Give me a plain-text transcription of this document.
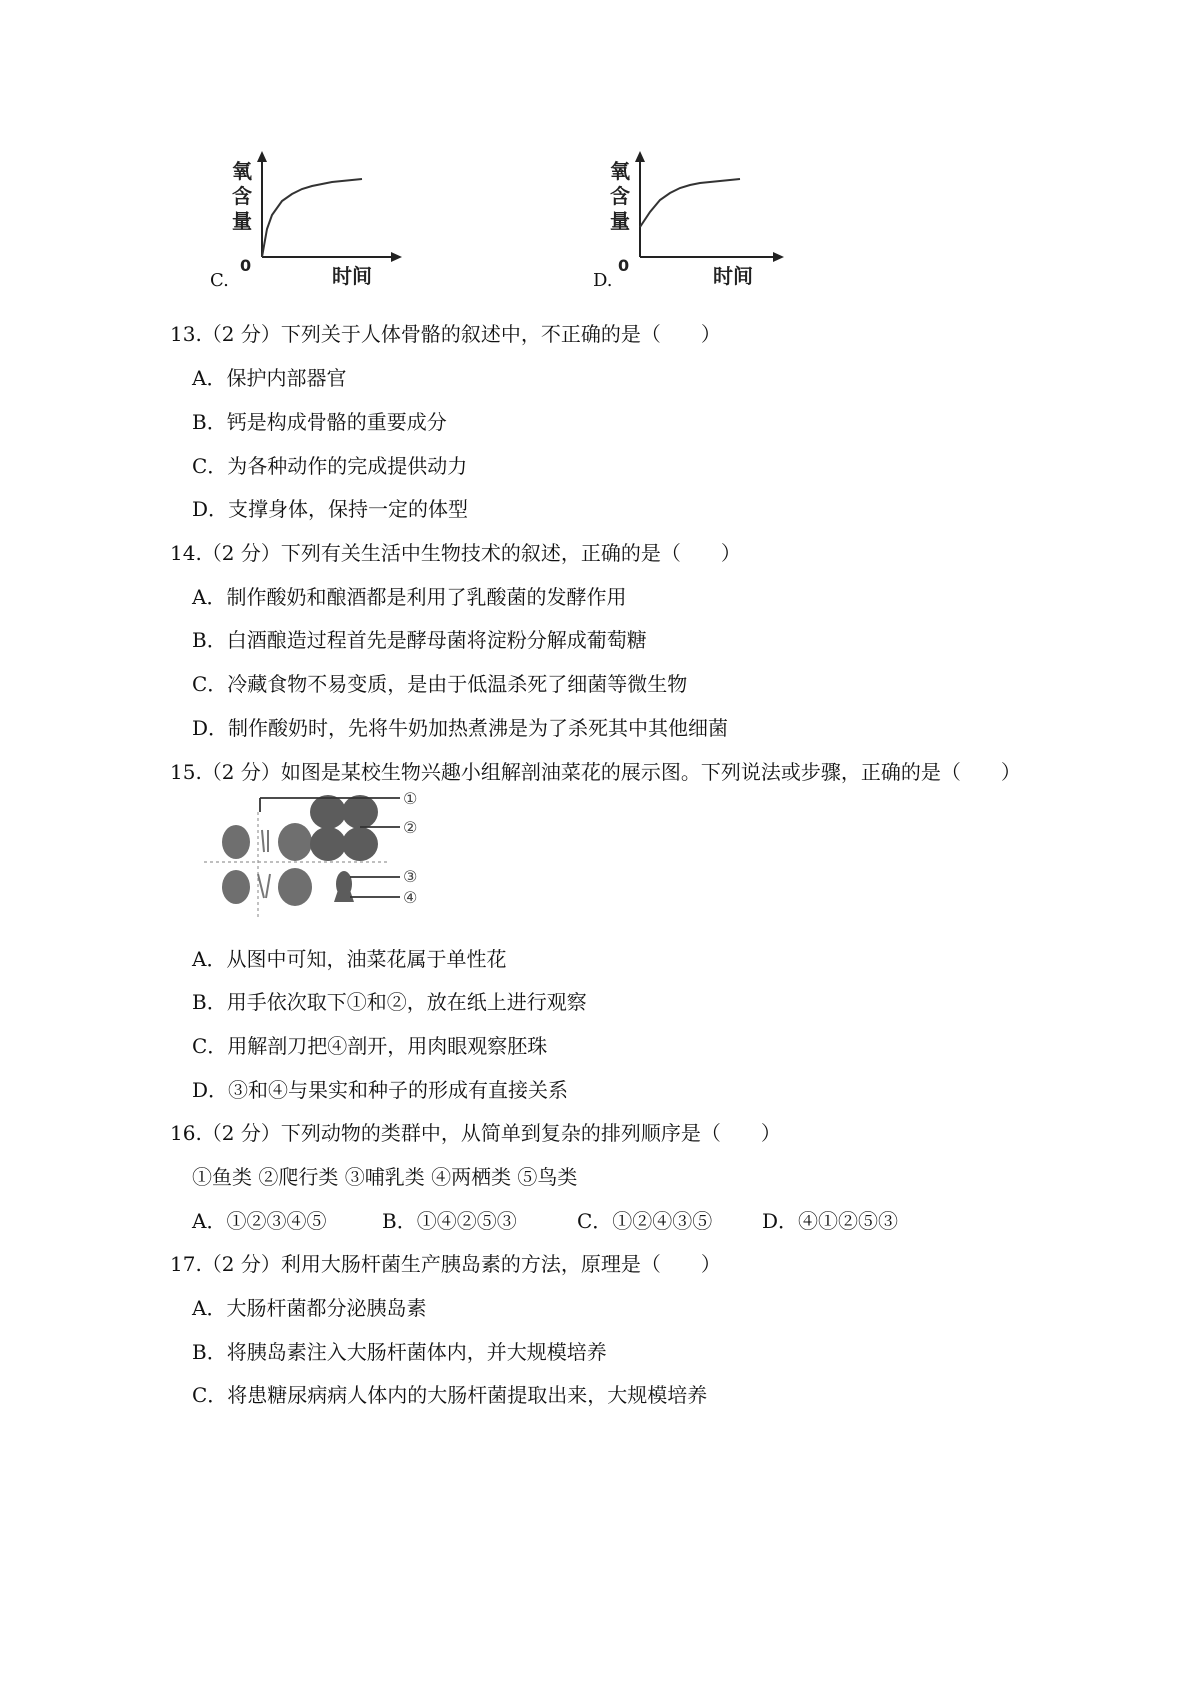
C.
氧
含
量
0	时间	D.
氧
含
量
0	时间
13.（2 分）下列关于人体骨骼的叙述中，不正确的是（　　）
A．保护内部器官
B．钙是构成骨骼的重要成分
C．为各种动作的完成提供动力
D．支撑身体，保持一定的体型
14.（2 分）下列有关生活中生物技术的叙述，正确的是（　　）
A．制作酸奶和酿酒都是利用了乳酸菌的发酵作用
B．白酒酿造过程首先是酵母菌将淀粉分解成葡萄糖
C．冷藏食物不易变质，是由于低温杀死了细菌等微生物
D．制作酸奶时，先将牛奶加热煮沸是为了杀死其中其他细菌
15.（2 分）如图是某校生物兴趣小组解剖油菜花的展示图。下列说法或步骤，正确的是（　　）
①
②
③
④
A．从图中可知，油菜花属于单性花
B．用手依次取下①和②，放在纸上进行观察
C．用解剖刀把④剖开，用肉眼观察胚珠
D．③和④与果实和种子的形成有直接关系
16.（2 分）下列动物的类群中，从简单到复杂的排列顺序是（　　）
①鱼类 ②爬行类 ③哺乳类 ④两栖类 ⑤鸟类
A．①②③④⑤	B．①④②⑤③	C．①②④③⑤ D．④①②⑤③
17.（2 分）利用大肠杆菌生产胰岛素的方法，原理是（　　）
A．大肠杆菌都分泌胰岛素
B．将胰岛素注入大肠杆菌体内，并大规模培养
C．将患糖尿病病人体内的大肠杆菌提取出来，大规模培养
